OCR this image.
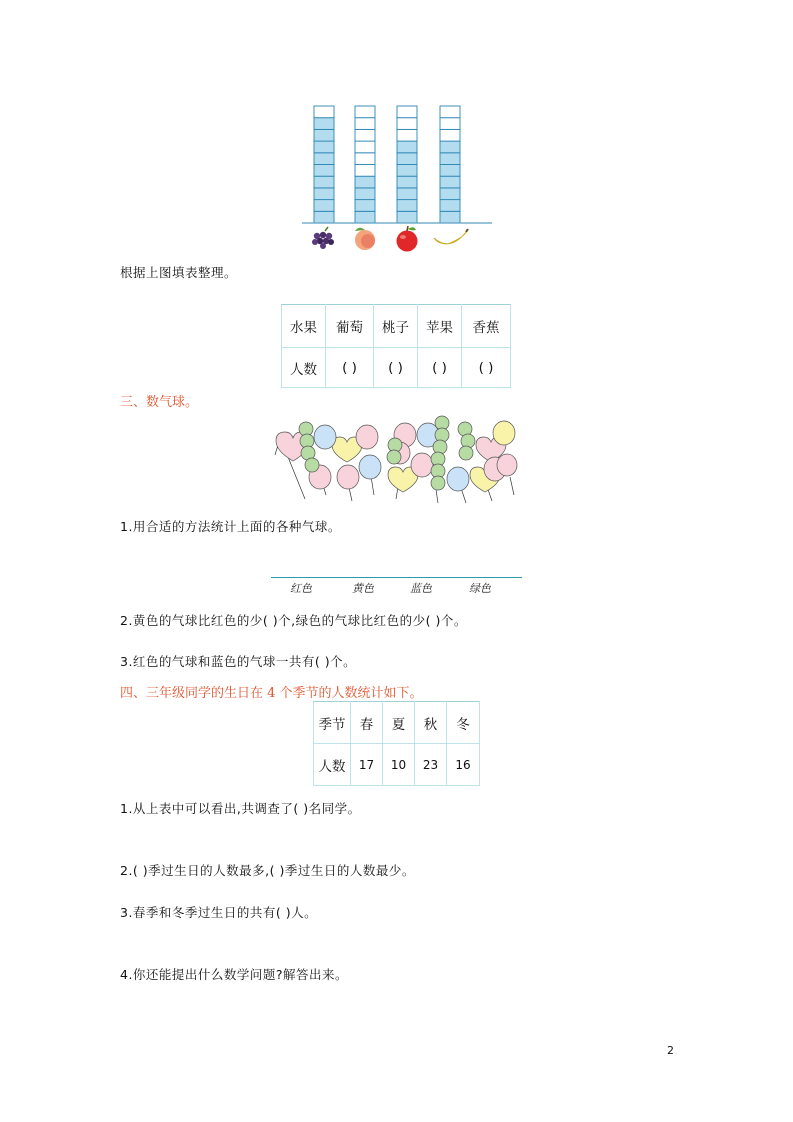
根据上图填表整理。
水果	葡萄	桃子	苹果	香蕉
人数	( )	( )	( )	( )
三、数气球。
1.用合适的方法统计上面的各种气球。
红色	黄色	蓝色	绿色
2.黄色的气球比红色的少( )个,绿色的气球比红色的少( )个。
3.红色的气球和蓝色的气球一共有( )个。
四、三年级同学的生日在 4 个季节的人数统计如下。
季节	春	夏	秋	冬
人数	17	10	23	16
1.从上表中可以看出,共调查了( )名同学。
2.( )季过生日的人数最多,( )季过生日的人数最少。
3.春季和冬季过生日的共有( )人。
4.你还能提出什么数学问题?解答出来。
2
